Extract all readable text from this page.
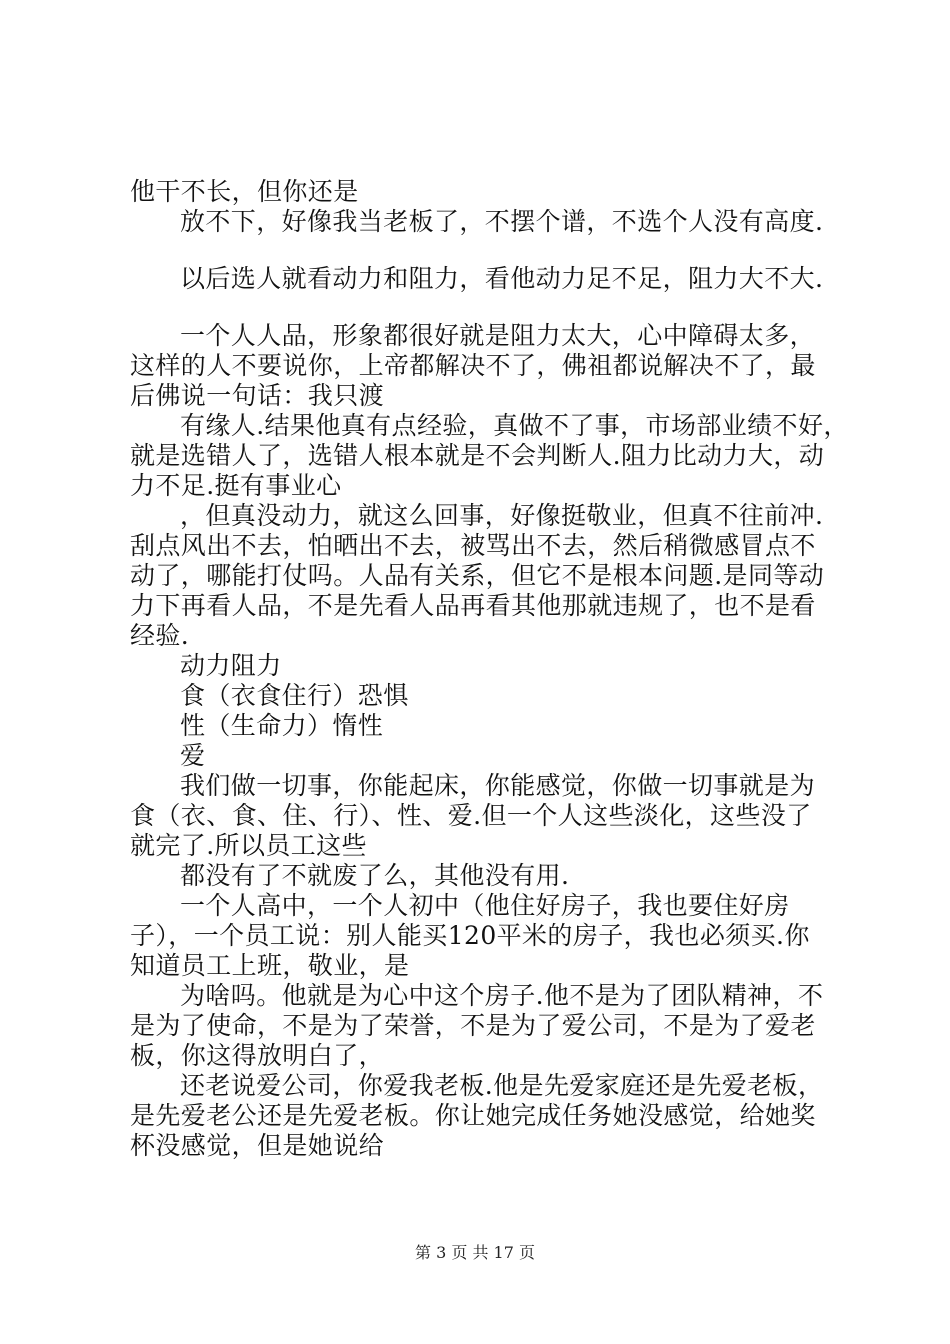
他干不长，但你还是
放不下，好像我当老板了，不摆个谱，不选个人没有高度.
以后选人就看动力和阻力，看他动力足不足，阻力大不大.
一个人人品，形象都很好就是阻力太大，心中障碍太多，
这样的人不要说你，上帝都解决不了，佛祖都说解决不了，最
后佛说一句话：我只渡
有缘人.结果他真有点经验，真做不了事，市场部业绩不好，
就是选错人了，选错人根本就是不会判断人.阻力比动力大，动
力不足.挺有事业心
，但真没动力，就这么回事，好像挺敬业，但真不往前冲.
刮点风出不去，怕晒出不去，被骂出不去，然后稍微感冒点不
动了，哪能打仗吗。人品有关系，但它不是根本问题.是同等动
力下再看人品，不是先看人品再看其他那就违规了，也不是看
经验.
动力阻力
食（衣食住行）恐惧
性（生命力）惰性
爱
我们做一切事，你能起床，你能感觉，你做一切事就是为
食（衣、食、住、行）、性、爱.但一个人这些淡化，这些没了
就完了.所以员工这些
都没有了不就废了么，其他没有用.
一个人高中，一个人初中（他住好房子，我也要住好房
子），一个员工说：别人能买120平米的房子，我也必须买.你
知道员工上班，敬业，是
为啥吗。他就是为心中这个房子.他不是为了团队精神，不
是为了使命，不是为了荣誉，不是为了爱公司，不是为了爱老
板，你这得放明白了，
还老说爱公司，你爱我老板.他是先爱家庭还是先爱老板，
是先爱老公还是先爱老板。你让她完成任务她没感觉，给她奖
杯没感觉，但是她说给
第 3 页 共 17 页
